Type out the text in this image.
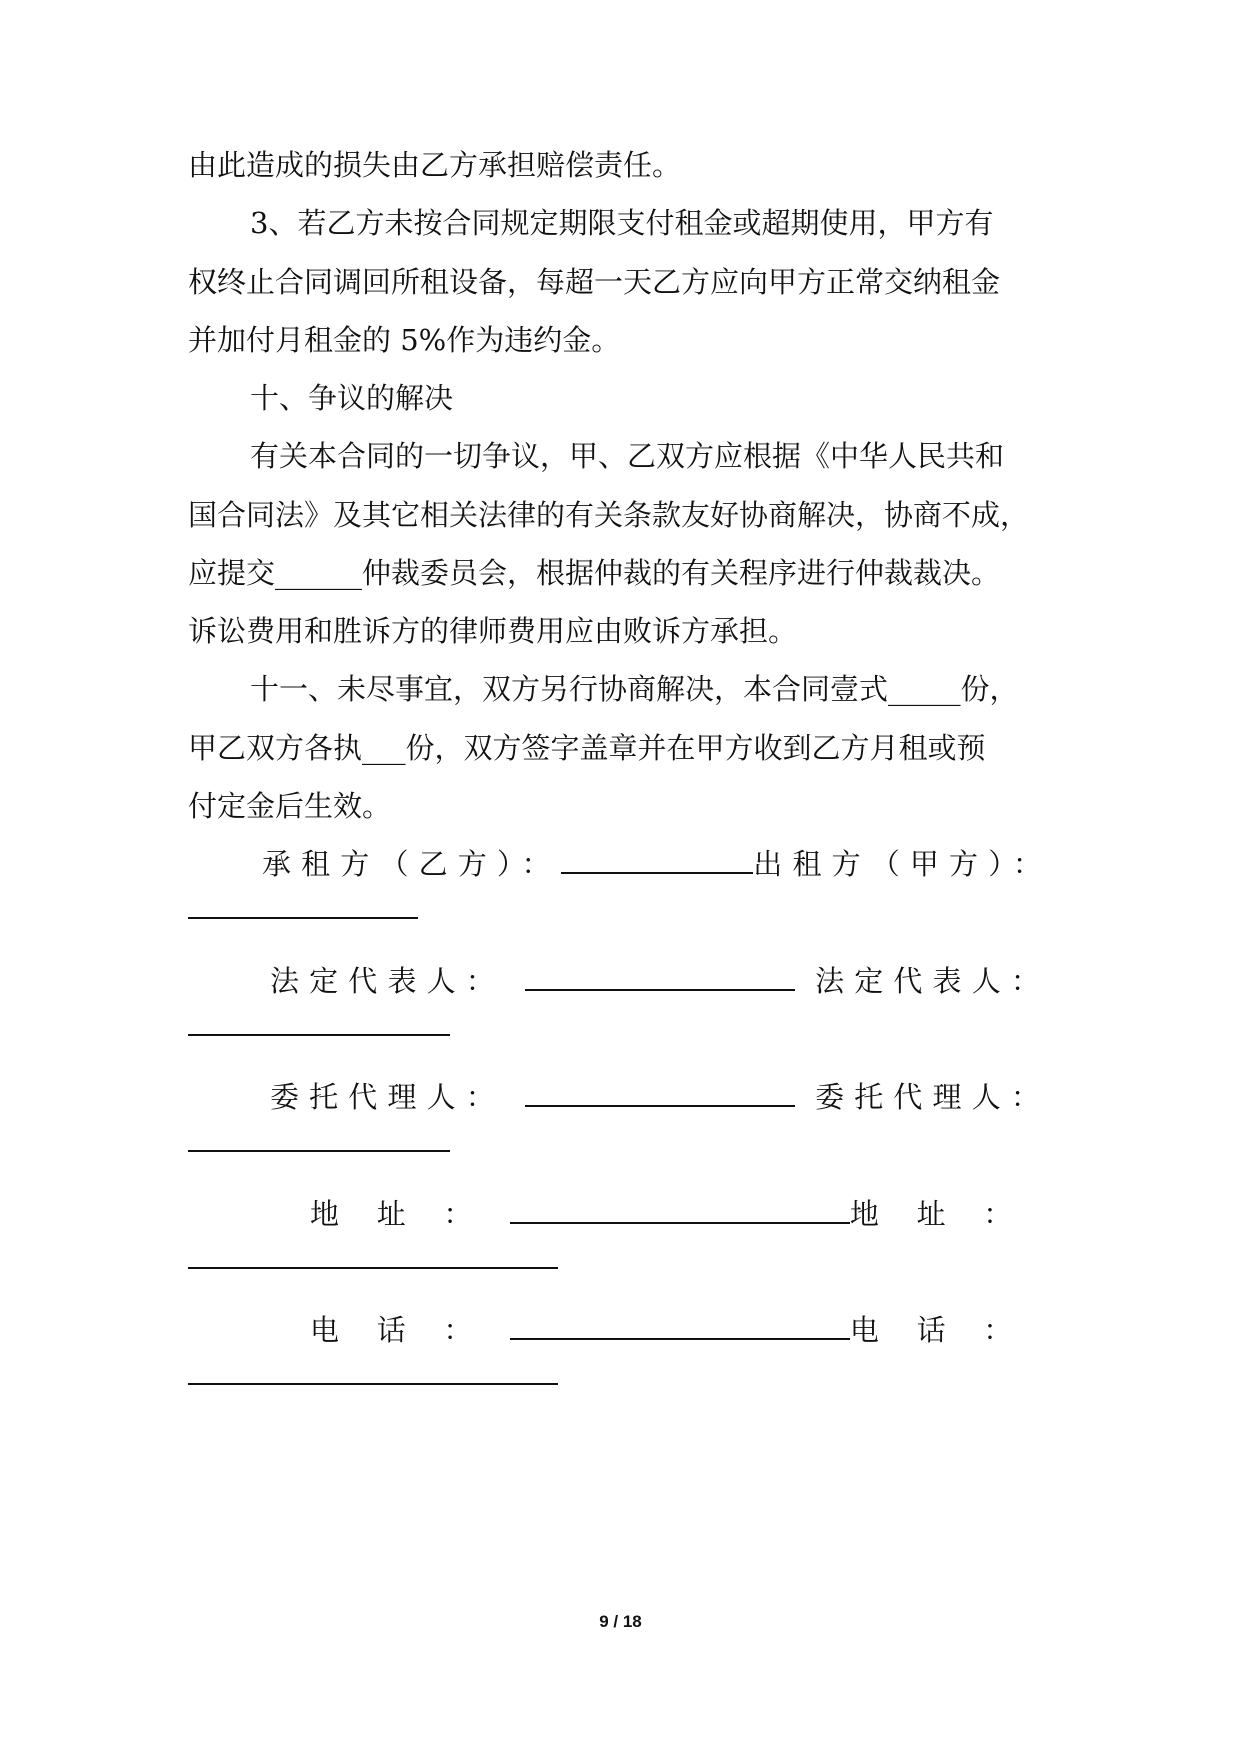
由此造成的损失由乙方承担赔偿责任。
3、若乙方未按合同规定期限支付租金或超期使用，甲方有
权终止合同调回所租设备，每超一天乙方应向甲方正常交纳租金
并加付月租金的 5%作为违约金。
十、争议的解决
有关本合同的一切争议，甲、乙双方应根据《中华人民共和
国合同法》及其它相关法律的有关条款友好协商解决，协商不成，
应提交______仲裁委员会，根据仲裁的有关程序进行仲裁裁决。
诉讼费用和胜诉方的律师费用应由败诉方承担。
十一、未尽事宜，双方另行协商解决，本合同壹式_____份，
甲乙双方各执___份，双方签字盖章并在甲方收到乙方月租或预
付定金后生效。
承租方（乙方）：	出租方（甲方）：
法定代表人：	法定代表人：
委托代理人：	委托代理人：
地址：	地址：
电话：	电话：
9 / 18
